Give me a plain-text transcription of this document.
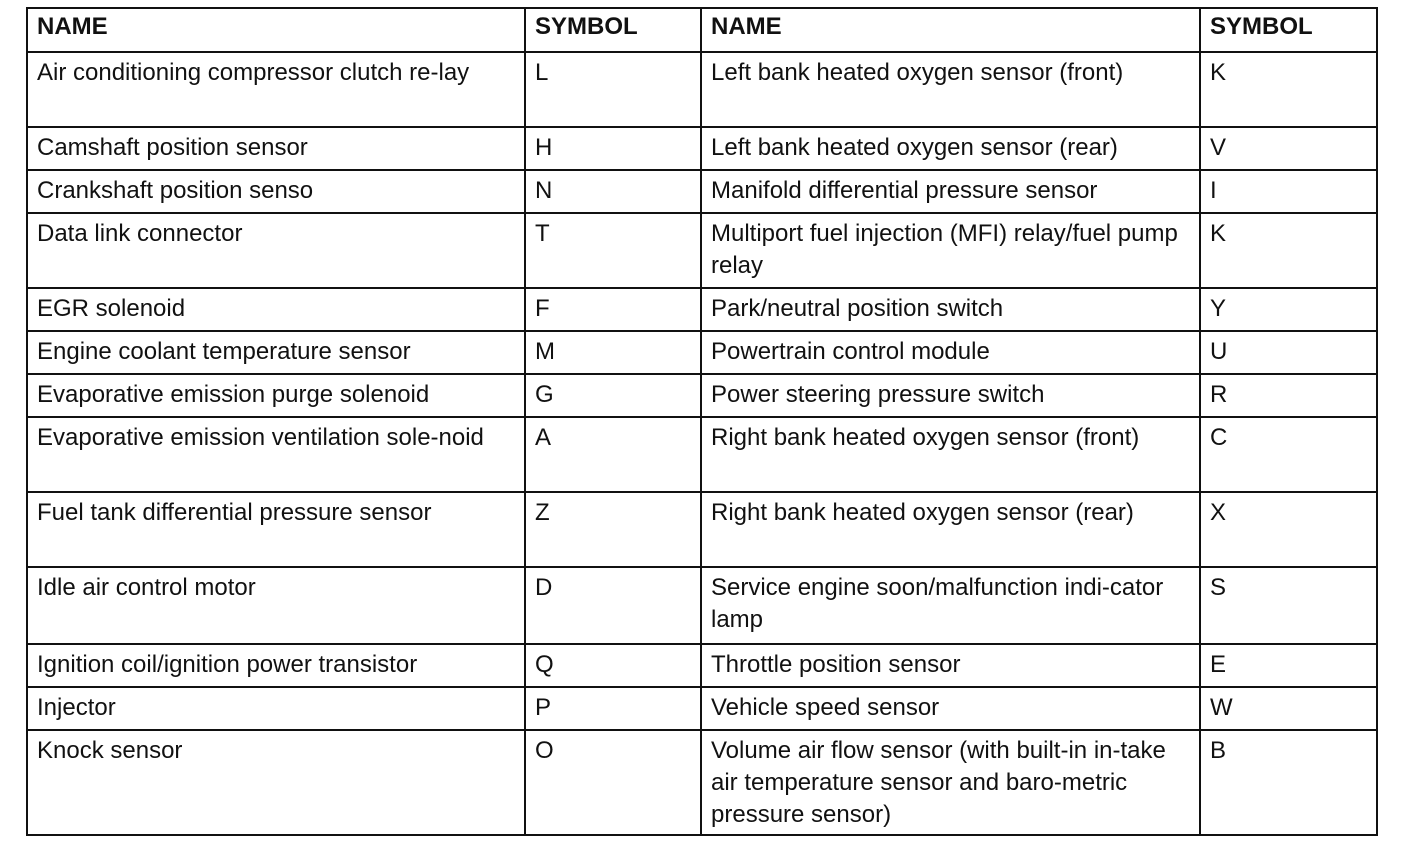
NAME	SYMBOL	NAME	SYMBOL
Air conditioning compressor clutch re-lay	L	Left bank heated oxygen sensor (front)	K
Camshaft position sensor	H	Left bank heated oxygen sensor (rear)	V
Crankshaft position senso	N	Manifold differential pressure sensor	I
Data link connector	T	Multiport fuel injection (MFI) relay/fuel pump relay	K
EGR solenoid	F	Park/neutral position switch	Y
Engine coolant temperature sensor	M	Powertrain control module	U
Evaporative emission purge solenoid	G	Power steering pressure switch	R
Evaporative emission ventilation sole-noid	A	Right bank heated oxygen sensor (front)	C
Fuel tank differential pressure sensor	Z	Right bank heated oxygen sensor (rear)	X
Idle air control motor	D	Service engine soon/malfunction indi-cator lamp	S
Ignition coil/ignition power transistor	Q	Throttle position sensor	E
Injector	P	Vehicle speed sensor	W
Knock sensor	O	Volume air flow sensor (with built-in in-take air temperature sensor and baro-metric pressure sensor)	B
